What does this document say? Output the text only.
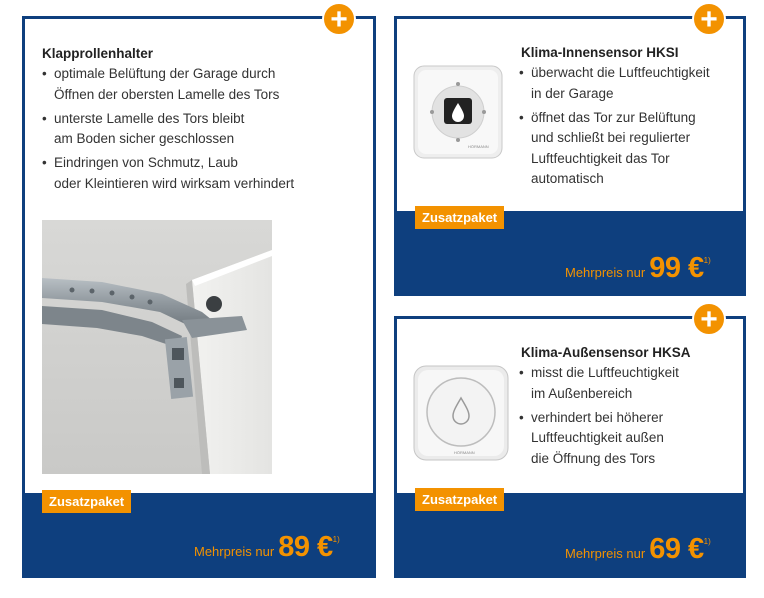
Klapprollenhalter
• optimale Belüftung der Garage durch
Öffnen der obersten Lamelle des Tors
• unterste Lamelle des Tors bleibt
am Boden sicher geschlossen
• Eindringen von Schmutz, Laub
oder Kleintieren wird wirksam verhindert
Zusatzpaket
Mehrpreis nur 89 €$^{1)}$
+
HÖRMANN
Klima-Innensensor HKSI
• überwacht die Luftfeuchtigkeit
in der Garage
• öffnet das Tor zur Belüftung
und schließt bei regulierter
Luftfeuchtigkeit das Tor
automatisch
Zusatzpaket
Mehrpreis nur 99 €$^{1)}$
+
HÖRMANN
Klima-Außensensor HKSA
• misst die Luftfeuchtigkeit
im Außenbereich
• verhindert bei höherer
Luftfeuchtigkeit außen
die Öffnung des Tors
Zusatzpaket
Mehrpreis nur 69 €$^{1)}$
+
